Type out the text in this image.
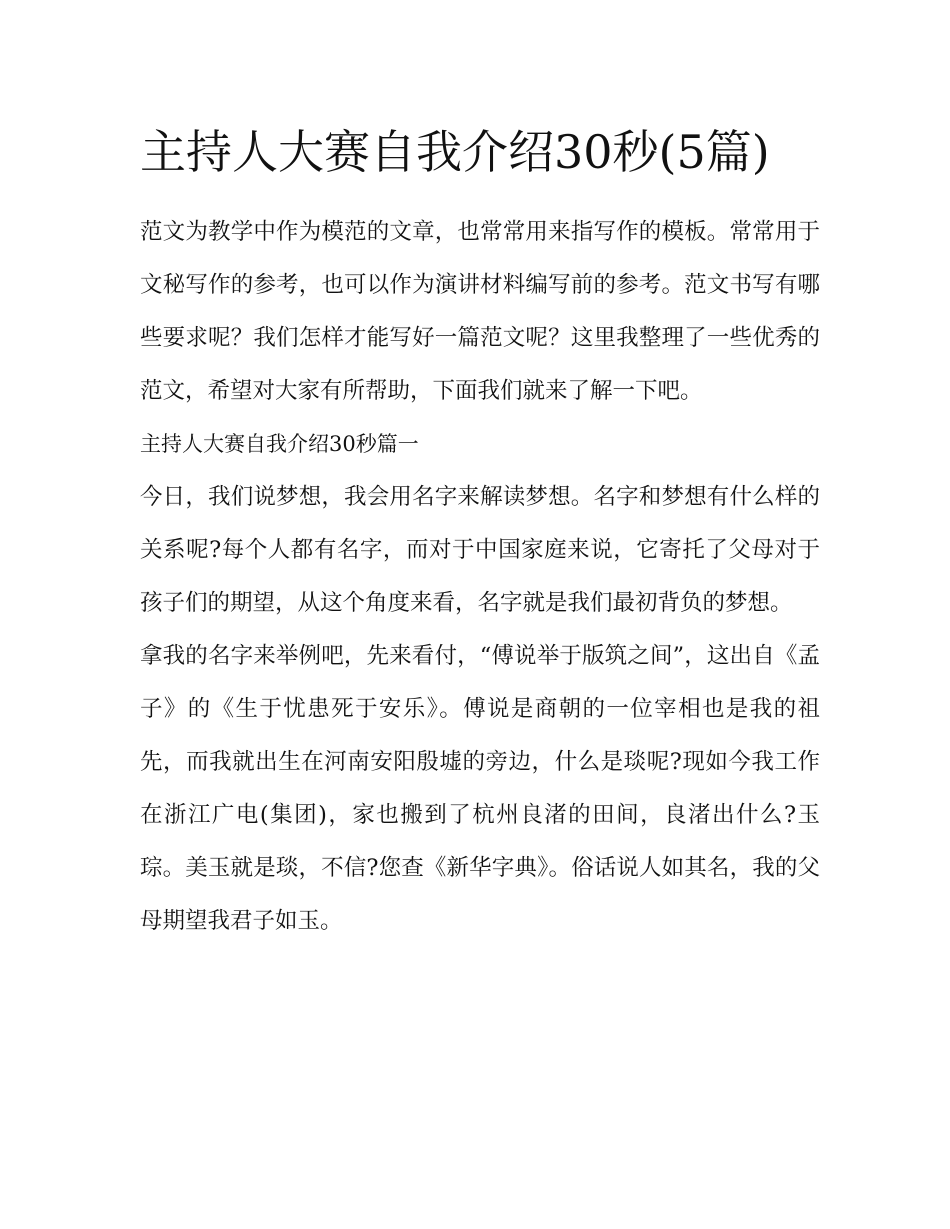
主持人大赛自我介绍30秒(5篇)

范文为教学中作为模范的文章，也常常用来指写作的模板。常常用于文秘写作的参考，也可以作为演讲材料编写前的参考。范文书写有哪些要求呢？我们怎样才能写好一篇范文呢？这里我整理了一些优秀的范文，希望对大家有所帮助，下面我们就来了解一下吧。

主持人大赛自我介绍30秒篇一

今日，我们说梦想，我会用名字来解读梦想。名字和梦想有什么样的关系呢?每个人都有名字，而对于中国家庭来说，它寄托了父母对于孩子们的期望，从这个角度来看，名字就是我们最初背负的梦想。

拿我的名字来举例吧，先来看付，“傅说举于版筑之间”，这出自《孟子》的《生于忧患死于安乐》。傅说是商朝的一位宰相也是我的祖先，而我就出生在河南安阳殷墟的旁边，什么是琰呢?现如今我工作在浙江广电(集团)，家也搬到了杭州良渚的田间，良渚出什么?玉琮。美玉就是琰，不信?您查《新华字典》。俗话说人如其名，我的父母期望我君子如玉。
